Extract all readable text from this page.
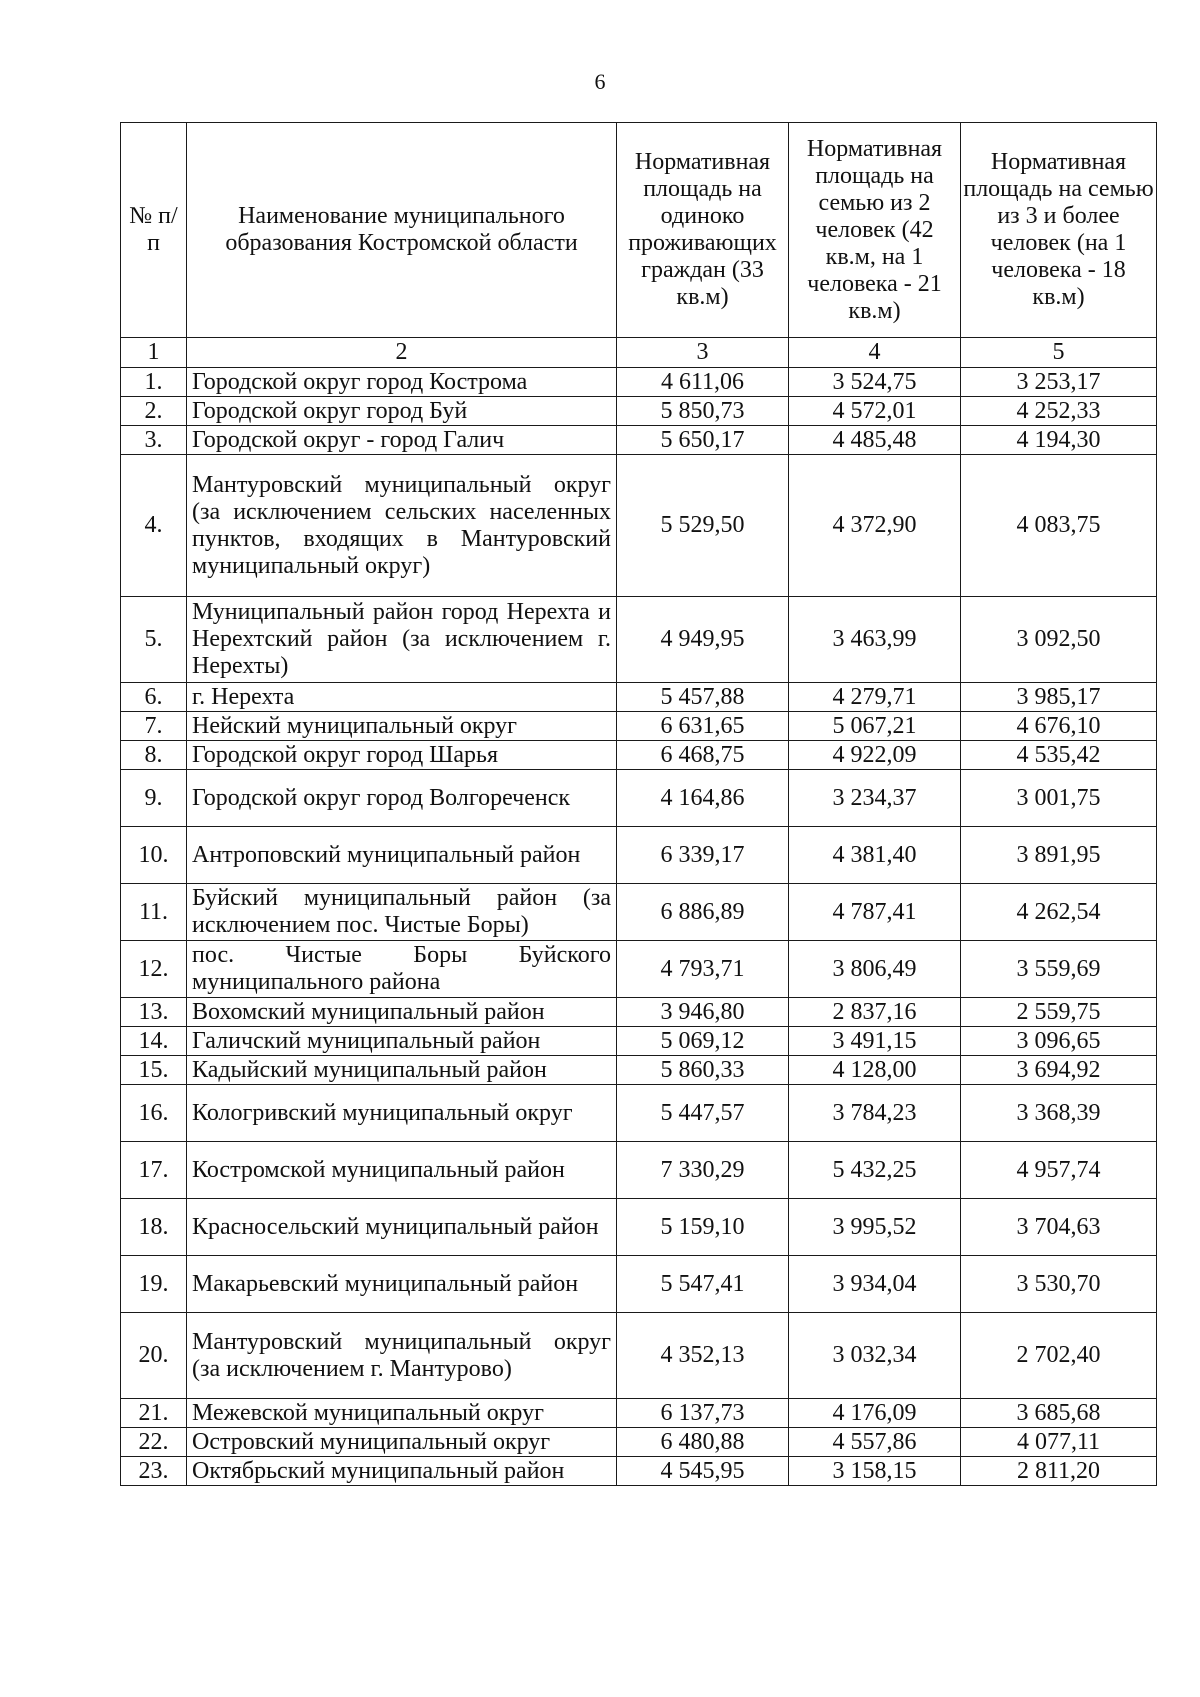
6
№ п/п	Наименование муниципального образования Костромской области	Нормативная площадь на одиноко проживающих граждан (33 кв.м)	Нормативная площадь на семью из 2 человек (42 кв.м, на 1 человека - 21 кв.м)	Нормативная площадь на семью из 3 и более человек (на 1 человека - 18 кв.м)
1	2	3	4	5
1.	Городской округ город Кострома	4 611,06	3 524,75	3 253,17
2.	Городской округ город Буй	5 850,73	4 572,01	4 252,33
3.	Городской округ - город Галич	5 650,17	4 485,48	4 194,30
4.	Мантуровский муниципальный округ (за исключением сельских населенных пунктов, входящих в Мантуровский муниципальный округ)	5 529,50	4 372,90	4 083,75
5.	Муниципальный район город Нерехта и Нерехтский район (за исключением г. Нерехты)	4 949,95	3 463,99	3 092,50
6.	г. Нерехта	5 457,88	4 279,71	3 985,17
7.	Нейский муниципальный округ	6 631,65	5 067,21	4 676,10
8.	Городской округ город Шарья	6 468,75	4 922,09	4 535,42
9.	Городской округ город Волгореченск	4 164,86	3 234,37	3 001,75
10.	Антроповский муниципальный район	6 339,17	4 381,40	3 891,95
11.	Буйский муниципальный район (за исключением пос. Чистые Боры)	6 886,89	4 787,41	4 262,54
12.	пос. Чистые Боры Буйского муниципального района	4 793,71	3 806,49	3 559,69
13.	Вохомский муниципальный район	3 946,80	2 837,16	2 559,75
14.	Галичский муниципальный район	5 069,12	3 491,15	3 096,65
15.	Кадыйский муниципальный район	5 860,33	4 128,00	3 694,92
16.	Кологривский муниципальный округ	5 447,57	3 784,23	3 368,39
17.	Костромской муниципальный район	7 330,29	5 432,25	4 957,74
18.	Красносельский муниципальный район	5 159,10	3 995,52	3 704,63
19.	Макарьевский муниципальный район	5 547,41	3 934,04	3 530,70
20.	Мантуровский муниципальный округ (за исключением г. Мантурово)	4 352,13	3 032,34	2 702,40
21.	Межевской муниципальный округ	6 137,73	4 176,09	3 685,68
22.	Островский муниципальный округ	6 480,88	4 557,86	4 077,11
23.	Октябрьский муниципальный район	4 545,95	3 158,15	2 811,20
